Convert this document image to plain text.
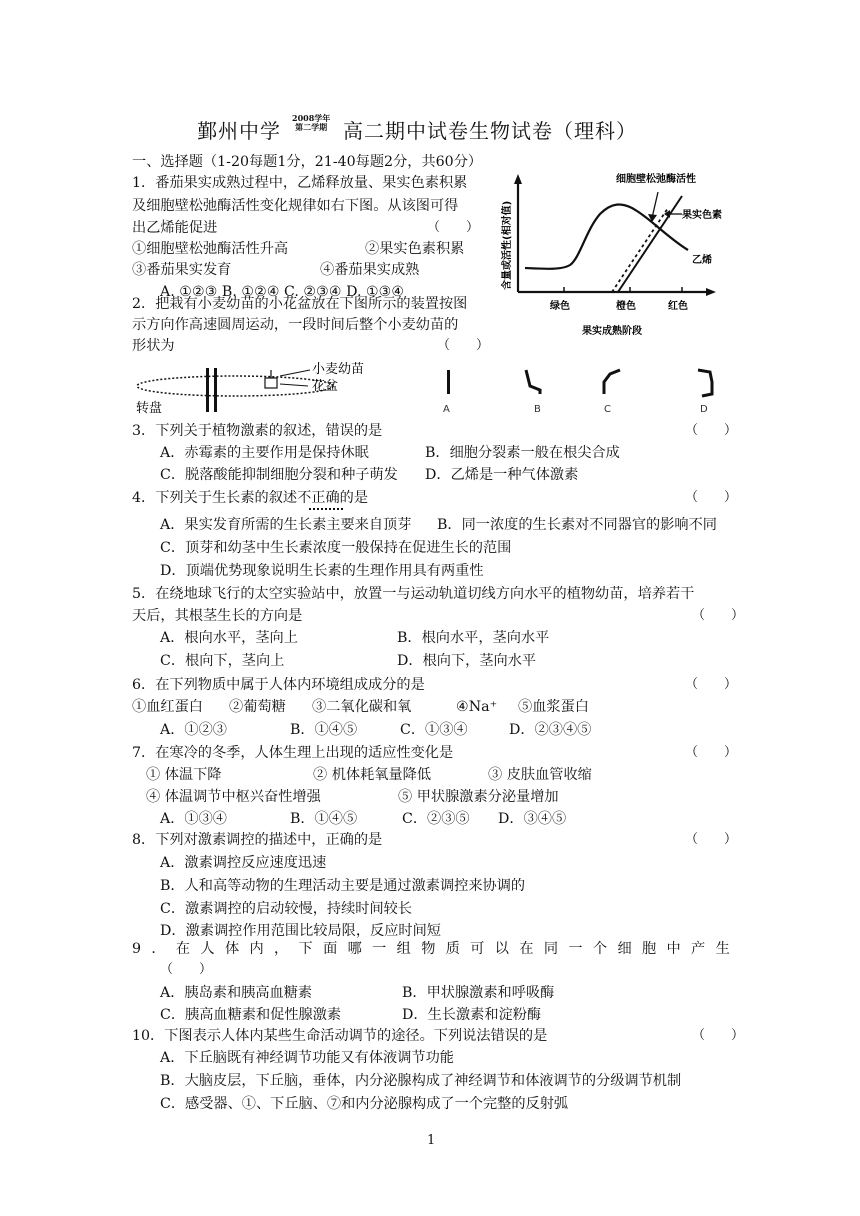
鄞州中学
2008学年
第二学期 高二期中试卷生物试卷（理科）
一、选择题（1-20每题1分，21-40每题2分，共60分）
1．番茄果实成熟过程中，乙烯释放量、果实色素积累
及细胞壁松弛酶活性变化规律如右下图。从该图可得
出乙烯能促进	（　　）
①细胞壁松弛酶活性升高	②果实色素积累
③番茄果实发育	④番茄果实成熟
A. ①②③ B. ①②④ C. ②③④ D. ①③④
含量或活性(相对值)
细胞壁松弛酶活性
果实色素
乙烯
绿色	橙色	红色
果实成熟阶段
2．把栽有小麦幼苗的小花盆放在下图所示的装置按图
示方向作高速圆周运动，一段时间后整个小麦幼苗的
形状为	（　　）
小麦幼苗
花盆
转盘	A	B	C	D
3．下列关于植物激素的叙述，错误的是	（　　）
A．赤霉素的主要作用是保持休眠	B．细胞分裂素一般在根尖合成
C．脱落酸能抑制细胞分裂和种子萌发 D．乙烯是一种气体激素
4．下列关于生长素的叙述不正确的是	（　　）
A．果实发育所需的生长素主要来自顶芽 B．同一浓度的生长素对不同器官的影响不同
C．顶芽和幼茎中生长素浓度一般保持在促进生长的范围
D．顶端优势现象说明生长素的生理作用具有两重性
5．在绕地球飞行的太空实验站中，放置一与运动轨道切线方向水平的植物幼苗，培养若干
天后，其根茎生长的方向是	（　　）
A．根向水平，茎向上	B．根向水平，茎向水平
C．根向下，茎向上	D．根向下，茎向水平
6．在下列物质中属于人体内环境组成成分的是	（　　）
①血红蛋白 ②葡萄糖 ③二氧化碳和氧	④Na⁺ ⑤血浆蛋白
A．①②③	B．①④⑤	C．①③④	D．②③④⑤
7．在寒冷的冬季，人体生理上出现的适应性变化是	（　　）
① 体温下降	② 机体耗氧量降低	③ 皮肤血管收缩
④ 体温调节中枢兴奋性增强	⑤ 甲状腺激素分泌量增加
A．①③④	B．①④⑤	C．②③⑤ D．③④⑤
8．下列对激素调控的描述中，正确的是	（　　）
A．激素调控反应速度迅速
B．人和高等动物的生理活动主要是通过激素调控来协调的
C．激素调控的启动较慢，持续时间较长
D．激素调控作用范围比较局限，反应时间短
9 ． 在 人 体 内 ， 下 面 哪 一 组 物 质 可 以 在 同 一 个 细 胞 中 产 生
（　　）
A．胰岛素和胰高血糖素	B．甲状腺激素和呼吸酶
C．胰高血糖素和促性腺激素	D．生长激素和淀粉酶
10．下图表示人体内某些生命活动调节的途径。下列说法错误的是	（　　）
A．下丘脑既有神经调节功能又有体液调节功能
B．大脑皮层，下丘脑，垂体，内分泌腺构成了神经调节和体液调节的分级调节机制
C．感受器、①、下丘脑、⑦和内分泌腺构成了一个完整的反射弧
1
